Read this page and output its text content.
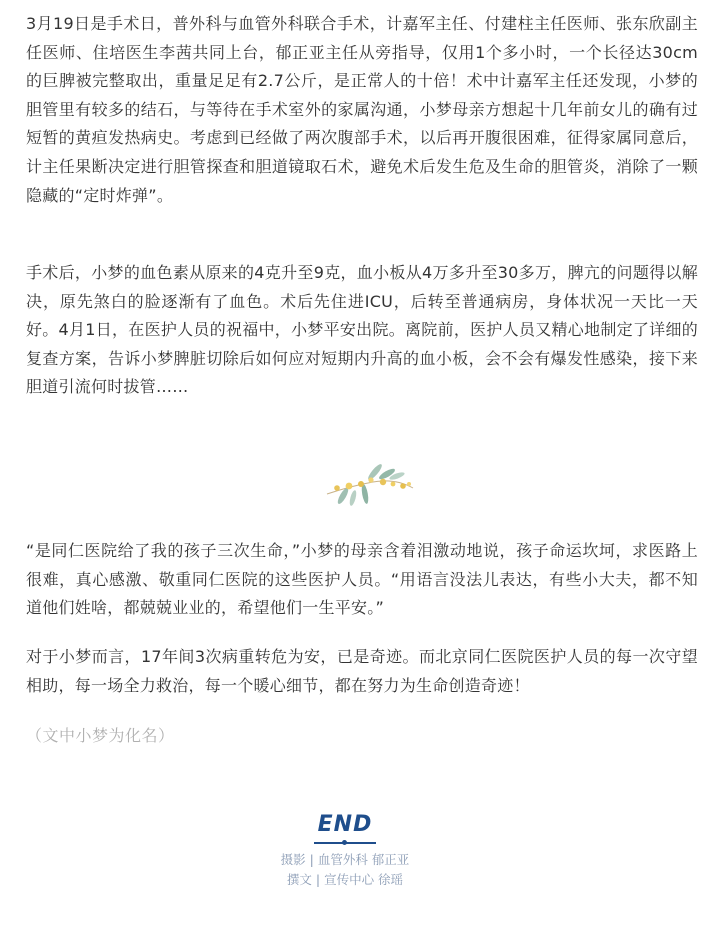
3月19日是手术日，普外科与血管外科联合手术，计嘉军主任、付建柱主任医师、张东欣副主任医师、住培医生李茜共同上台，郁正亚主任从旁指导，仅用1个多小时，一个长径达30cm的巨脾被完整取出，重量足足有2.7公斤，是正常人的十倍！术中计嘉军主任还发现，小梦的胆管里有较多的结石，与等待在手术室外的家属沟通，小梦母亲方想起十几年前女儿的确有过短暂的黄疸发热病史。考虑到已经做了两次腹部手术，以后再开腹很困难，征得家属同意后，计主任果断决定进行胆管探查和胆道镜取石术，避免术后发生危及生命的胆管炎，消除了一颗隐藏的“定时炸弹”。

手术后，小梦的血色素从原来的4克升至9克，血小板从4万多升至30多万，脾亢的问题得以解决，原先煞白的脸逐渐有了血色。术后先住进ICU，后转至普通病房，身体状况一天比一天好。4月1日，在医护人员的祝福中，小梦平安出院。离院前，医护人员又精心地制定了详细的复查方案，告诉小梦脾脏切除后如何应对短期内升高的血小板，会不会有爆发性感染，接下来胆道引流何时拔管……

“是同仁医院给了我的孩子三次生命，”小梦的母亲含着泪激动地说，孩子命运坎坷，求医路上很难，真心感激、敬重同仁医院的这些医护人员。“用语言没法儿表达，有些小大夫，都不知道他们姓啥，都兢兢业业的，希望他们一生平安。”

对于小梦而言，17年间3次病重转危为安，已是奇迹。而北京同仁医院医护人员的每一次守望相助，每一场全力救治，每一个暖心细节，都在努力为生命创造奇迹！

（文中小梦为化名）
END
摄影 | 血管外科 郁正亚
撰文 | 宣传中心 徐瑶
